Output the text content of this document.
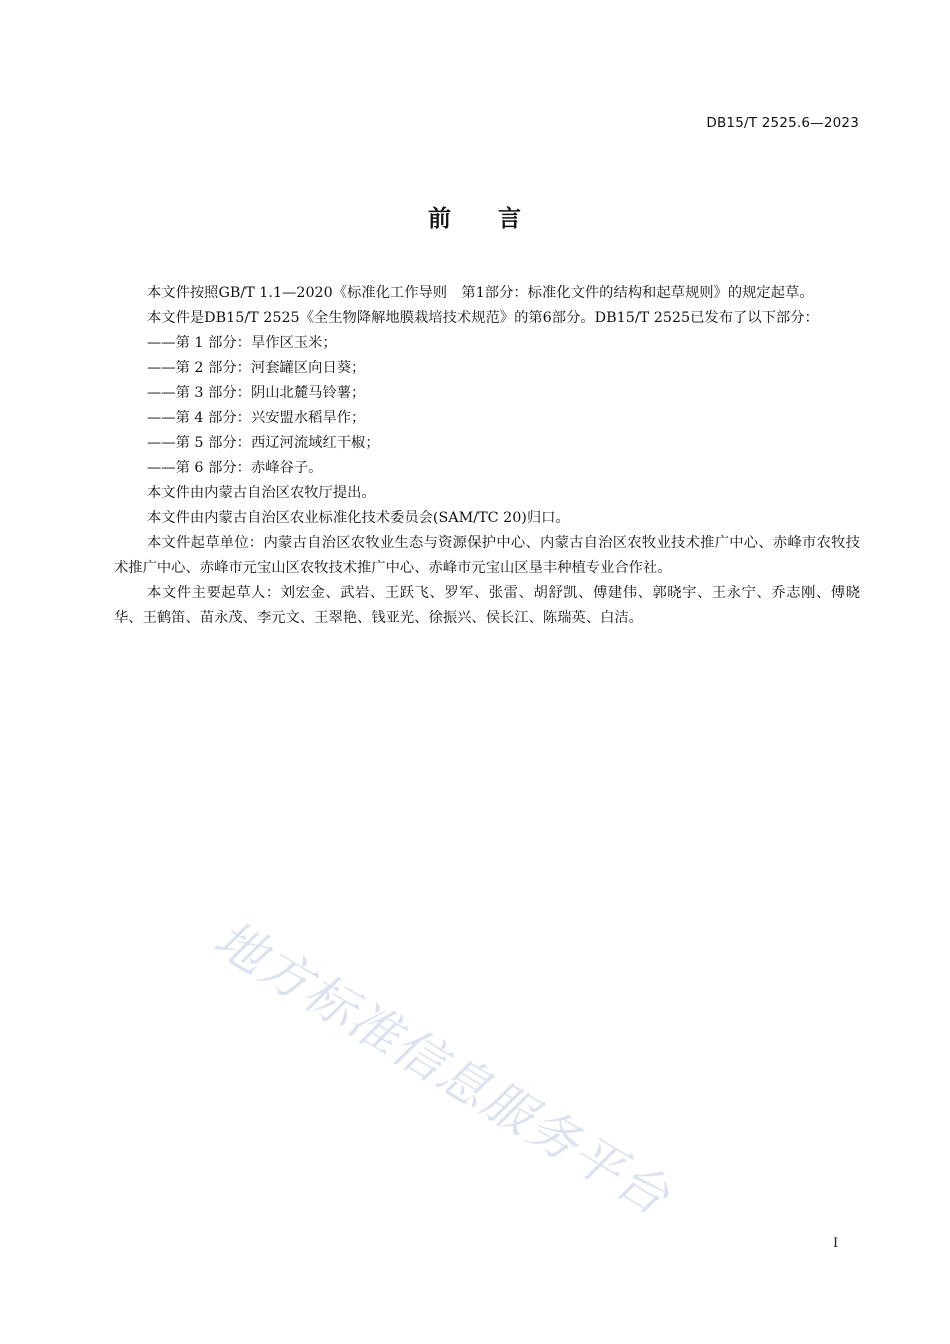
DB15/T 2525.6—2023
前 言

本文件按照GB/T 1.1—2020《标准化工作导则　第1部分：标准化文件的结构和起草规则》的规定起草。

本文件是DB15/T 2525《全生物降解地膜栽培技术规范》的第6部分。DB15/T 2525已发布了以下部分：

——第 1 部分：旱作区玉米；

——第 2 部分：河套罐区向日葵；

——第 3 部分：阴山北麓马铃薯；

——第 4 部分：兴安盟水稻旱作；

——第 5 部分：西辽河流域红干椒；

——第 6 部分：赤峰谷子。

本文件由内蒙古自治区农牧厅提出。

本文件由内蒙古自治区农业标准化技术委员会(SAM/TC 20)归口。

本文件起草单位：内蒙古自治区农牧业生态与资源保护中心、内蒙古自治区农牧业技术推广中心、赤峰市农牧技术推广中心、赤峰市元宝山区农牧技术推广中心、赤峰市元宝山区垦丰种植专业合作社。

本文件主要起草人：刘宏金、武岩、王跃飞、罗军、张雷、胡舒凯、傅建伟、郭晓宇、王永宁、乔志刚、傅晓华、王鹤笛、苗永茂、李元文、王翠艳、钱亚光、徐振兴、侯长江、陈瑞英、白洁。

地方标准信息服务平台
I
